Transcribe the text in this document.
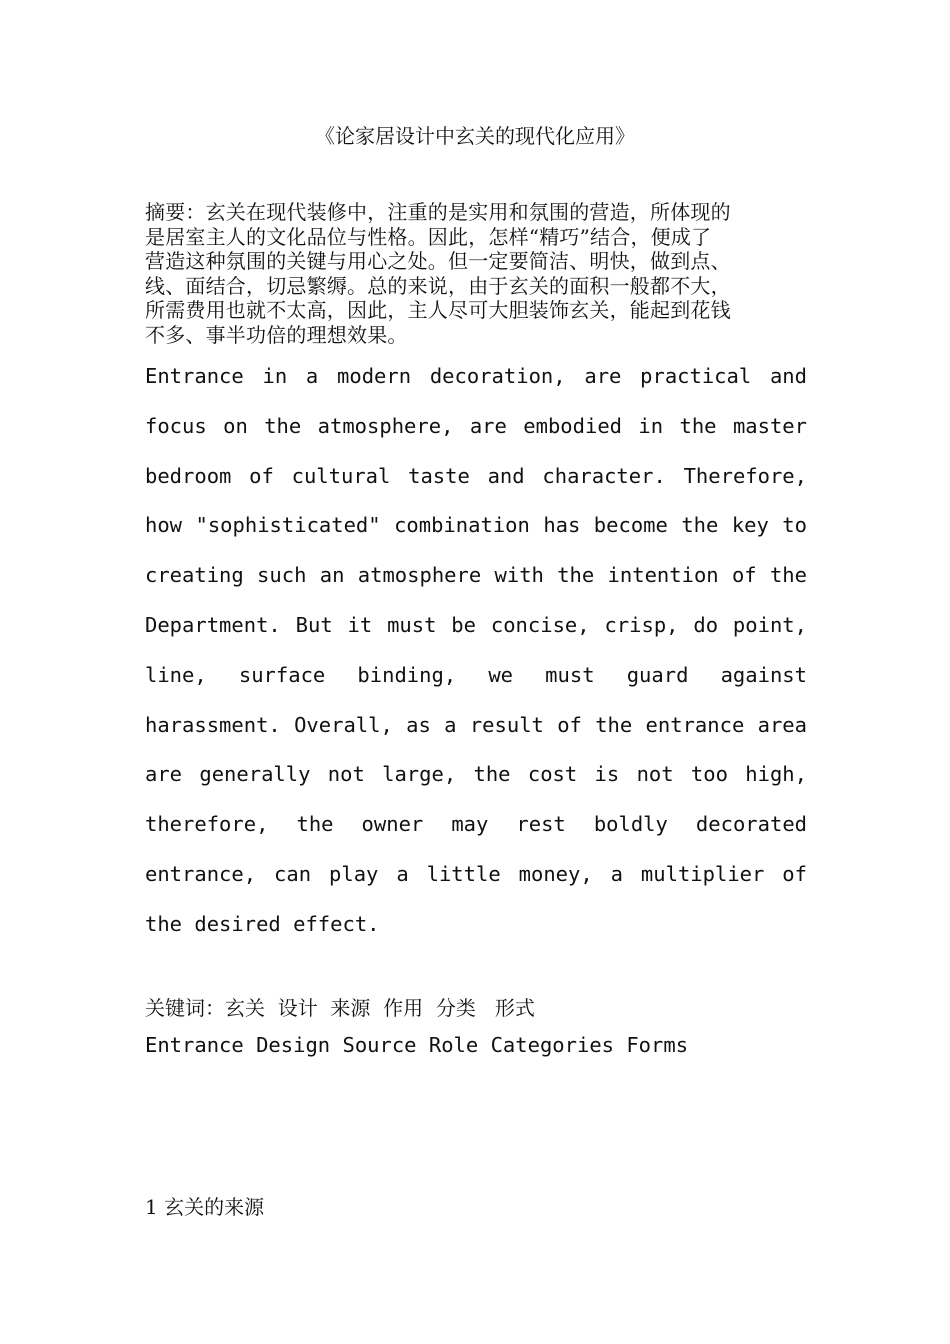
《论家居设计中玄关的现代化应用》

摘要：玄关在现代装修中，注重的是实用和氛围的营造，所体现的
是居室主人的文化品位与性格。因此，怎样“精巧”结合，便成了
营造这种氛围的关键与用心之处。但一定要简洁、明快，做到点、
线、面结合，切忌繁缛。总的来说，由于玄关的面积一般都不大，
所需费用也就不太高，因此，主人尽可大胆装饰玄关，能起到花钱
不多、事半功倍的理想效果。

Entrance in a modern decoration, are practical and focus on the atmosphere, are embodied in the master bedroom of cultural taste and character. Therefore, how "sophisticated" combination has become the key to creating such an atmosphere with the intention of the Department. But it must be concise, crisp, do point, line, surface binding, we must guard against harassment. Overall, as a result of the entrance area are generally not large, the cost is not too high, therefore, the owner may rest boldly decorated entrance, can play a little money, a multiplier of the desired effect.

关键词：玄关  设计  来源  作用  分类   形式

Entrance Design Source Role Categories Forms

1 玄关的来源
